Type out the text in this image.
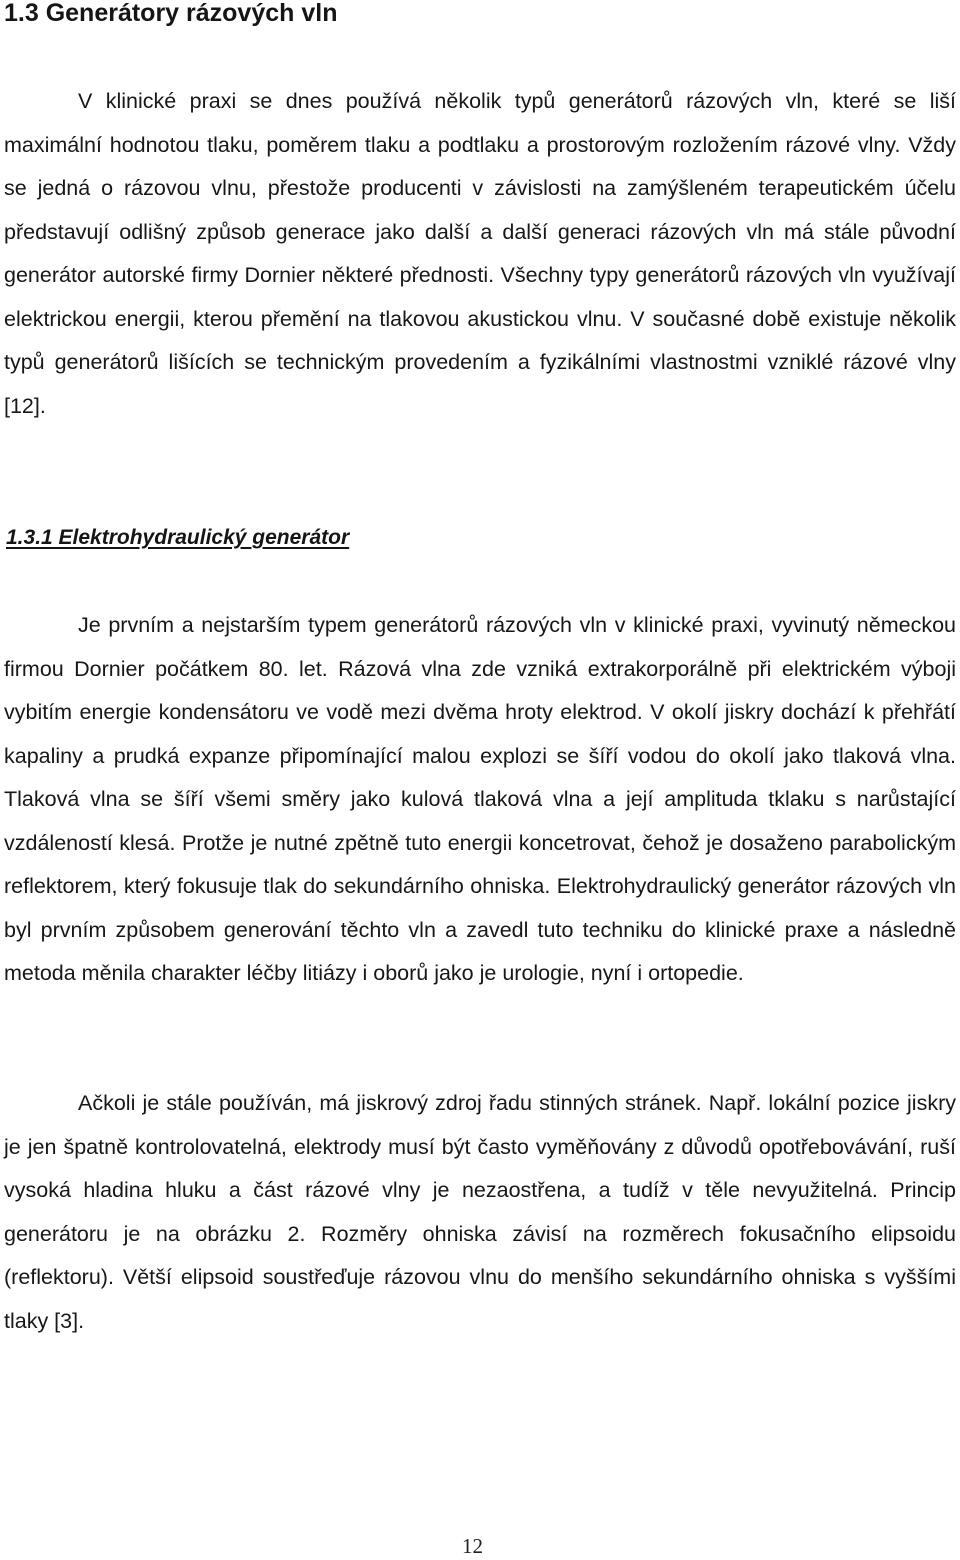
1.3 Generátory rázových vln

V klinické praxi se dnes používá několik typů generátorů rázových vln, které se liší maximální hodnotou tlaku, poměrem tlaku a podtlaku a prostorovým rozložením rázové vlny. Vždy se jedná o rázovou vlnu, přestože producenti v závislosti na zamýšleném terapeutickém účelu představují odlišný způsob generace jako další a další generaci rázových vln má stále původní generátor autorské firmy Dornier některé přednosti. Všechny typy generátorů rázových vln využívají elektrickou energii, kterou přemění na tlakovou akustickou vlnu. V současné době existuje několik typů generátorů lišících se technickým provedením a fyzikálními vlastnostmi vzniklé rázové vlny [12].

1.3.1 Elektrohydraulický generátor

Je prvním a nejstarším typem generátorů rázových vln v klinické praxi, vyvinutý německou firmou Dornier počátkem 80. let. Rázová vlna zde vzniká extrakorporálně při elektrickém výboji vybitím energie kondensátoru ve vodě mezi dvěma hroty elektrod. V okolí jiskry dochází k přehřátí kapaliny a prudká expanze připomínající malou explozi se šíří vodou do okolí jako tlaková vlna. Tlaková vlna se šíří všemi směry jako kulová tlaková vlna a její amplituda tklaku s narůstající vzdáleností klesá. Protže je nutné zpětně tuto energii koncetrovat, čehož je dosaženo parabolickým reflektorem, který fokusuje tlak do sekundárního ohniska. Elektrohydraulický generátor rázových vln byl prvním způsobem generování těchto vln a zavedl tuto techniku do klinické praxe a následně metoda měnila charakter léčby litiázy i oborů jako je urologie, nyní i ortopedie.

Ačkoli je stále používán, má jiskrový zdroj řadu stinných stránek. Např. lokální pozice jiskry je jen špatně kontrolovatelná, elektrody musí být často vyměňovány z důvodů opotřebovávání, ruší vysoká hladina hluku a část rázové vlny je nezaostřena, a tudíž v těle nevyužitelná. Princip generátoru je na obrázku 2. Rozměry ohniska závisí na rozměrech fokusačního elipsoidu (reflektoru). Větší elipsoid soustřeďuje rázovou vlnu do menšího sekundárního ohniska s vyššími tlaky [3].

12
